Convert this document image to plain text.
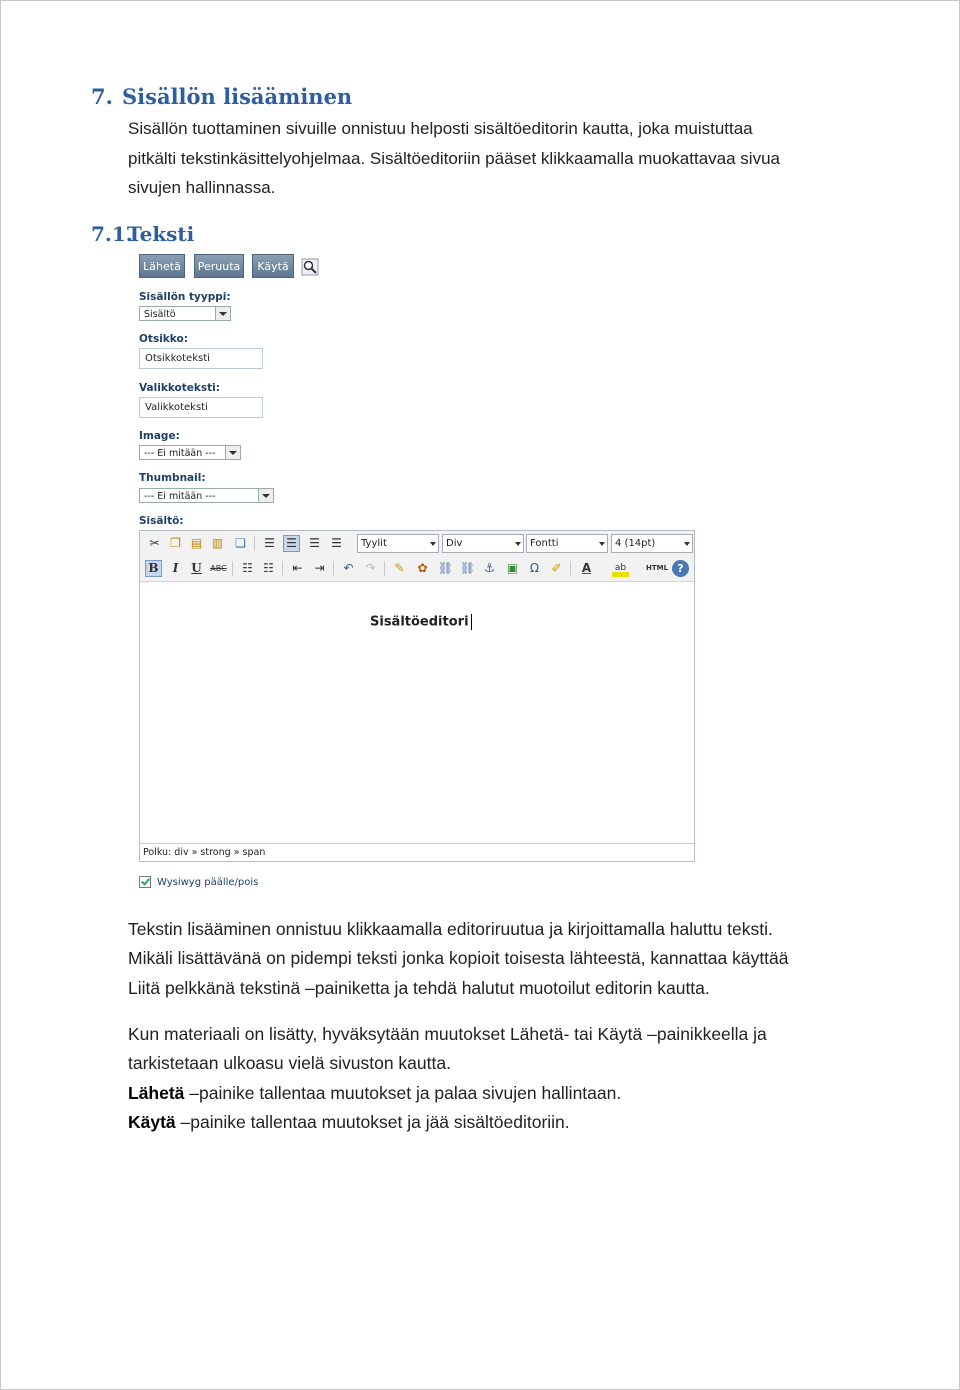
7. Sisällön lisääminen
Sisällön tuottaminen sivuille onnistuu helposti sisältöeditorin kautta, joka muistuttaa
pitkälti tekstinkäsittelyohjelmaa. Sisältöeditoriin pääset klikkaamalla muokattavaa sivua
sivujen hallinnassa.
7.1.Teksti
Lähetä	Peruuta	Käytä
Sisällön tyyppi:
Sisältö
Otsikko:
Otsikkoteksti
Valikkoteksti:
Valikkoteksti
Image:
--- Ei mitään ---
Thumbnail:
--- Ei mitään ---
Sisältö:
✂ ❐ ▤ ▥ ❏ ☰ ☰ ☰ ☰	Tyylit	Div	Fontti	4 (14pt)
B	I	U	ABC ☷ ☷ ⇤ ⇥ ↶ ↷ ✎ ✿ ⛓ ⛓ ⚓ ▣ Ω	✐	A	ab	HTML ?
Sisältöeditori
Polku: div » strong » span
Wysiwyg päälle/pois
Tekstin lisääminen onnistuu klikkaamalla editoriruutua ja kirjoittamalla haluttu teksti.
Mikäli lisättävänä on pidempi teksti jonka kopioit toisesta lähteestä, kannattaa käyttää
Liitä pelkkänä tekstinä –painiketta ja tehdä halutut muotoilut editorin kautta.
Kun materiaali on lisätty, hyväksytään muutokset Lähetä- tai Käytä –painikkeella ja
tarkistetaan ulkoasu vielä sivuston kautta.
Lähetä –painike tallentaa muutokset ja palaa sivujen hallintaan.
Käytä –painike tallentaa muutokset ja jää sisältöeditoriin.
